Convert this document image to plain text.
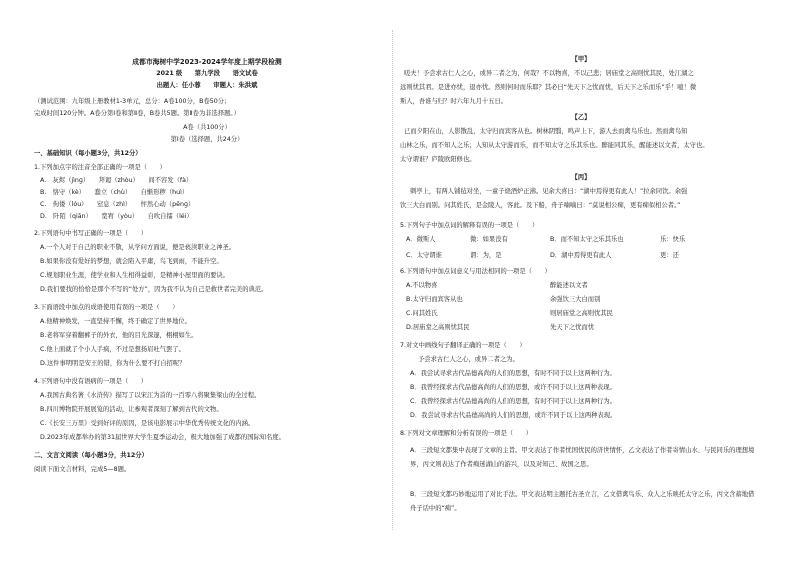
成都市海树中学2023-2024学年度上期学段检测
2021 级　　第九学段　　语文试卷
出题人：任小蓉　　审题人：朱洪斌
（测试范围：九年级上册教材1-3单元，总分：A卷100分，B卷50分；
完成时间120分钟。A卷分第Ⅰ卷和第Ⅱ卷，B卷共5题。第Ⅱ卷为非选择题。）
A卷（共100分）
第Ⅰ卷（选择题，共24分）
一、基础知识（每小题3分，共12分）
1.下列加点字的注音全部正确的一项是（　　）
A.　灰烬（jìnɡ）　　拜谒（zhòu）　　间不容发（fà）
B.　恪守（kè）　　蠢立（chù）　　自惭形秽（huì）
C.　佝偻（lóu）　　窒息（zhì）　　怦然心动（pēnɡ）
D.　阡陌（qiān）　　宽宥（yòu）　　自吹自擂（léi）
2.下列语句中书写正确的一项是（　　）
A.一个人对于自己的职业不敬，从学问方面说，便是亵渎职业之神圣。
B.如果你没有爱好的梦想，就会陷入平庸，鸟飞到雨，不能升空。
C.规划职业生涯，使学业和人生相得益彰，是精神小屋里面的要诀。
D.我们要找的恰恰是那个不写的“处方”，因为我不认为自己是救世者完美的典范。
3.下面语段中加点的成语使用有误的一项是（　　）
A.他精神焕发，一直坚持不懈，终于确定了世界地位。
B.老将军穿着翻裤子的外衣，他的目光深邃，栩栩如生。
C.他上面就了个小人手疯，不过是想扬眉吐气罢了。
D.这件事明明是安王的错，你为什么要不打自招呢？
4.下列语句中没有语病的一项是（　　）
A.我国古典名著《水浒传》描写了以宋江为首的一百零八将聚集梁山的全过程。
B.四川博物院开展展览的活动，让参观者深刻了解到古代的文物。
C.《长安三万里》受到好评的原因，是该电影展示中华优秀传统文化的内涵。
D.2023年成都举办的第31届世界大学生夏季运动会，极大地加强了成都的国际知名度。
二、文言文阅读（每小题3分，共12分）
阅读下面文言材料，完成5—8题。
【甲】
嗟夫！予尝求古仁人之心，或异二者之为，何哉？不以物喜，不以己悲；居庙堂之高则忧其民，处江湖之
远则忧其君。是进亦忧，退亦忧。然则何时而乐耶？其必曰“先天下之忧而忧，后天下之乐而乐”乎！噫！微
斯人，吾谁与归？时六年九月十五日。
【乙】
已而夕阳在山，人影散乱，太守归而宾客从也。树林阴翳，鸣声上下，游人去而禽鸟乐也。然而禽鸟知
山林之乐，而不知人之乐；人知从太守游而乐，而不知太守之乐其乐也。醉能同其乐，醒能述以文者，太守也。
太守谓谁？庐陵欧阳修也。
【丙】
刺亭上，有两人铺毡对坐，一童子烧酒炉正沸。见余大喜曰：“湖中焉得更有此人！”拉余同饮。余强
饮三大白而别。问其姓氏，是金陵人，客此。及下船，舟子喃喃曰：“莫说相公痴，更有痴似相公者。”
5.下列句子中加点词的解释有误的一项是（　　）
A．微斯人	微：如果没有	B．而不知太守之乐其乐也	乐：快乐
C．太守谓谁	谓：为，是	D．湖中焉得更有此人	更：还
6.下列语句中加点词意义与用法相同的一项是（　　）
A.不以物喜	醉能述以文者
B.太守归而宾客从也	余强饮三大白而别
C.问其姓氏	则居庙堂之高则忧其民
D.居庙堂之高则忧其民	先天下之忧而忧
7.对文中画线句子翻译正确的一项是（　　）
予尝求古仁人之心，或异二者之为。
A．我尝试寻求古代品德高尚的人们的思想，有时不同于以上这两种行为。
B．我曾经探求古代品德高尚的人们的思想，或许不同于以上这两种表现。
C．我曾经探求古代品德高尚的人们的思想，有时不同于以上这两种行为。
D．我尝试寻求古代品德高尚的人们的思想，或许不同于以上这两种表现。
8.下列对文章理解和分析有误的一项是（　　）
A．三段短文都集中表现了文章的主旨。甲文表达了作者忧国忧民的济世情怀，乙文表达了作者寄情山水、与民同乐的理想境界，丙文则表达了作者痴迷湖山的游兴，以及对知己、故国之思。
B．三段短文都巧妙地运用了对比手法。甲文表达明主题托古圣立言，乙文借禽鸟乐、众人之乐映托太守之乐，丙文含蓄地借舟子话中的“痴”。
